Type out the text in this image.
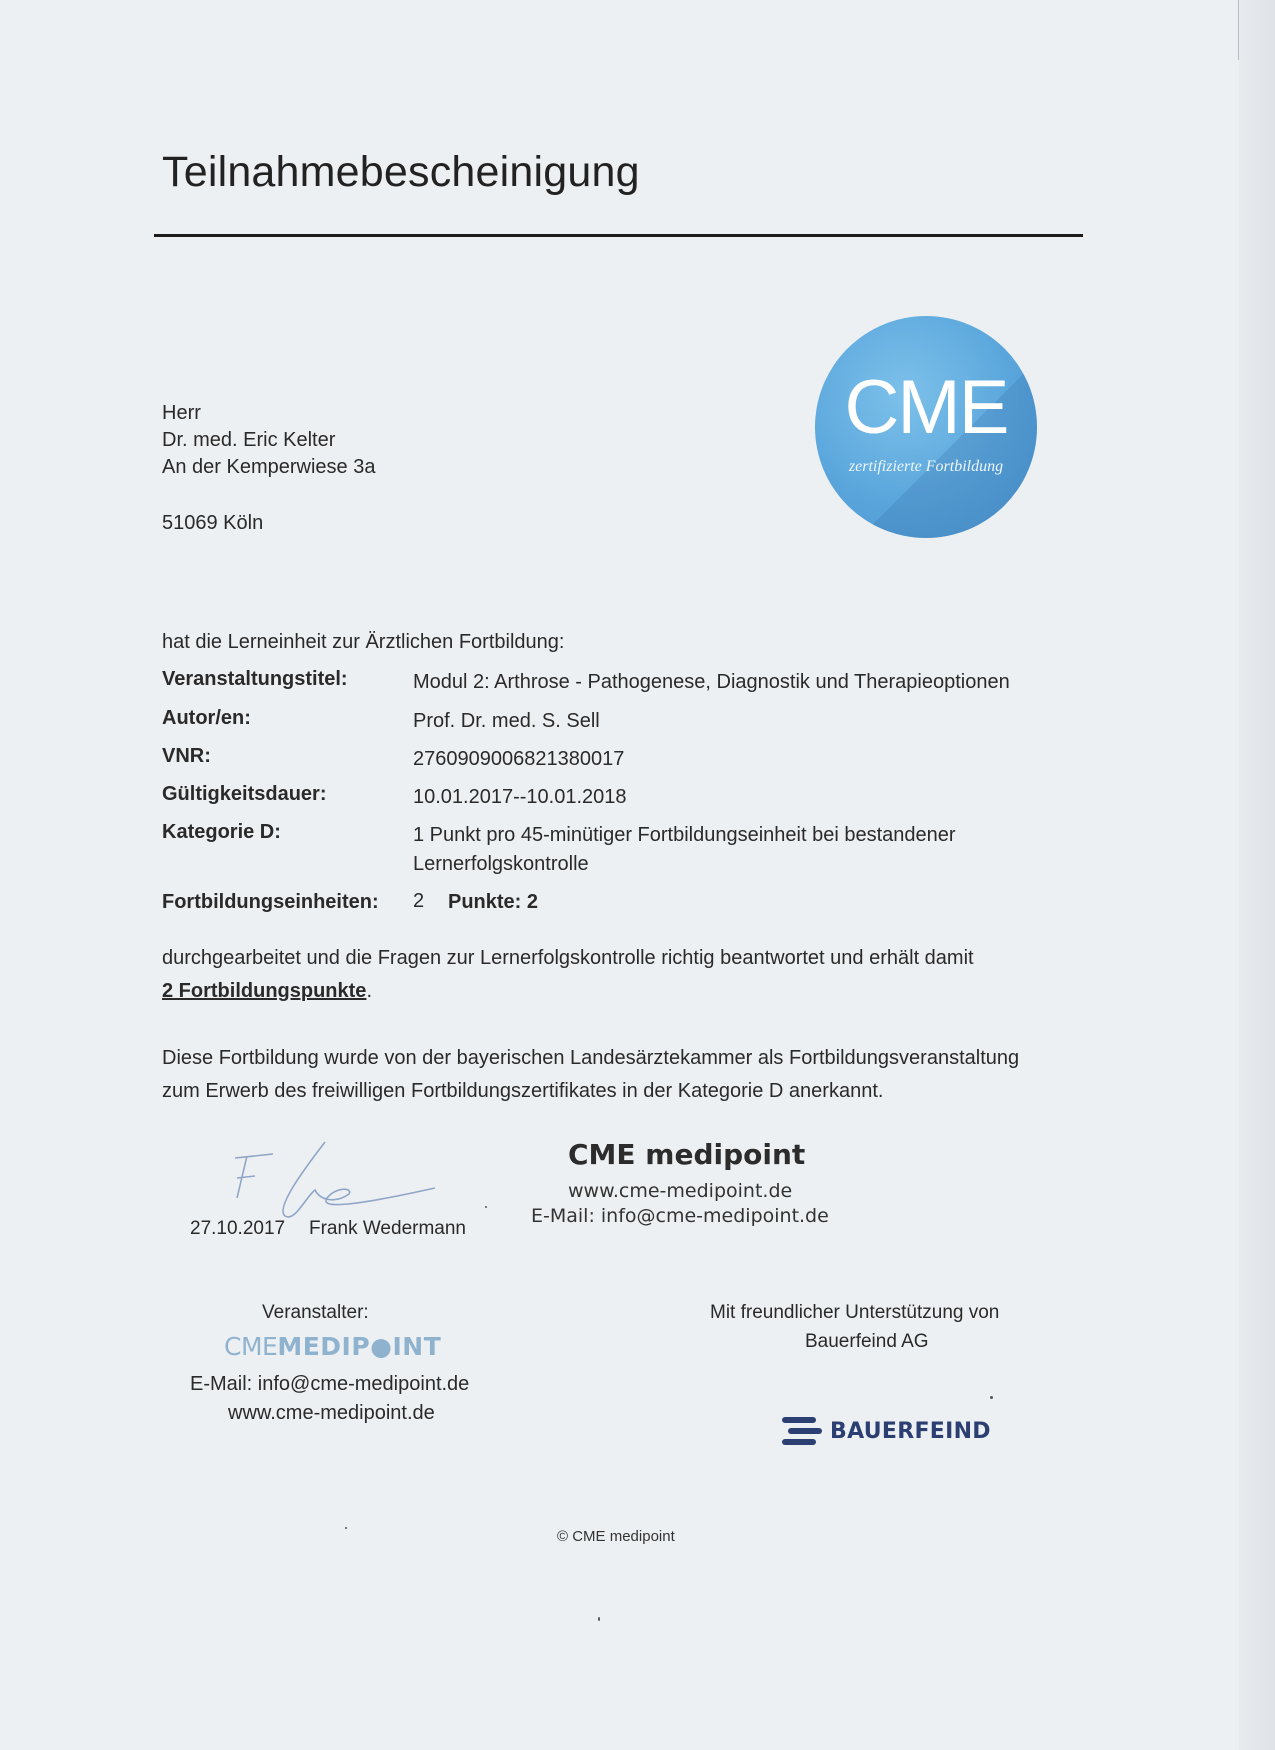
Teilnahmebescheinigung
CME
zertifizierte Fortbildung
Herr
Dr. med. Eric Kelter
An der Kemperwiese 3a
51069 Köln
hat die Lerneinheit zur Ärztlichen Fortbildung:
Veranstaltungstitel:	Modul 2: Arthrose - Pathogenese, Diagnostik und Therapieoptionen
Autor/en:	Prof. Dr. med. S. Sell
VNR:	2760909006821380017
Gültigkeitsdauer:	10.01.2017--10.01.2018
Kategorie D:	1 Punkt pro 45-minütiger Fortbildungseinheit bei bestandener
Lernerfolgskontrolle
Fortbildungseinheiten: 2 Punkte: 2
durchgearbeitet und die Fragen zur Lernerfolgskontrolle richtig beantwortet und erhält damit
2 Fortbildungspunkte.
Diese Fortbildung wurde von der bayerischen Landesärztekammer als Fortbildungsveranstaltung
zum Erwerb des freiwilligen Fortbildungszertifikates in der Kategorie D anerkannt.
27.10.2017 Frank Wedermann
CME medipoint
www.cme-medipoint.de
E-Mail: info@cme-medipoint.de
Veranstalter:
CMEMEDIP●INT
E-Mail: info@cme-medipoint.de
www.cme-medipoint.de
Mit freundlicher Unterstützung von
Bauerfeind AG
BAUERFEIND
© CME medipoint
